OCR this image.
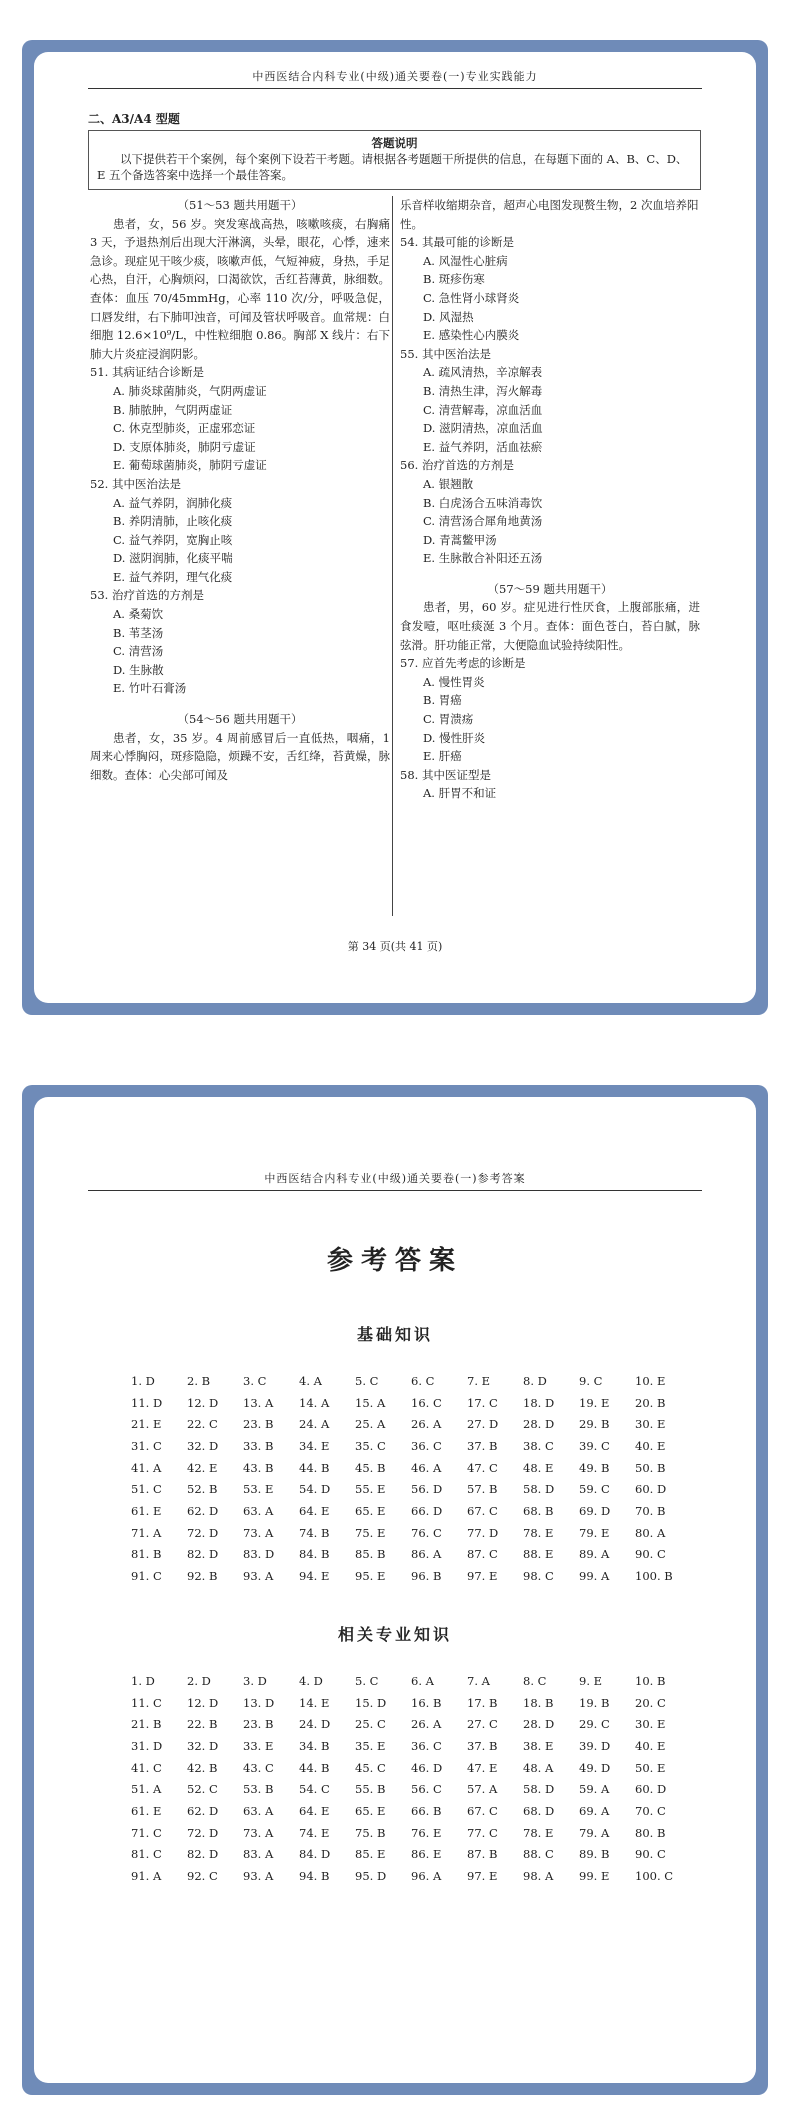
中西医结合内科专业(中级)通关要卷(一)专业实践能力
二、A3/A4 型题
答题说明
以下提供若干个案例，每个案例下设若干考题。请根据各考题题干所提供的信息，在每题下面的 A、B、C、D、E 五个备选答案中选择一个最佳答案。

（51～53 题共用题干）

患者，女，56 岁。突发寒战高热，咳嗽咳痰，右胸痛 3 天，予退热剂后出现大汗淋漓，头晕，眼花，心悸，速来急诊。现症见干咳少痰，咳嗽声低，气短神疲，身热，手足心热，自汗，心胸烦闷，口渴欲饮，舌红苔薄黄，脉细数。查体：血压 70/45mmHg，心率 110 次/分，呼吸急促，口唇发绀，右下肺叩浊音，可闻及管状呼吸音。血常规：白细胞 12.6×10⁹/L，中性粒细胞 0.86。胸部 X 线片：右下肺大片炎症浸润阴影。

51. 其病证结合诊断是

A. 肺炎球菌肺炎，气阴两虚证

B. 肺脓肿，气阴两虚证

C. 休克型肺炎，正虚邪恋证

D. 支原体肺炎，肺阴亏虚证

E. 葡萄球菌肺炎，肺阴亏虚证

52. 其中医治法是

A. 益气养阴，润肺化痰

B. 养阴清肺，止咳化痰

C. 益气养阴，宽胸止咳

D. 滋阴润肺，化痰平喘

E. 益气养阴，理气化痰

53. 治疗首选的方剂是

A. 桑菊饮

B. 苇茎汤

C. 清营汤

D. 生脉散

E. 竹叶石膏汤

（54～56 题共用题干）

患者，女，35 岁。4 周前感冒后一直低热，咽痛，1 周来心悸胸闷，斑疹隐隐，烦躁不安，舌红绛，苔黄燥，脉细数。查体：心尖部可闻及

乐音样收缩期杂音，超声心电图发现赘生物，2 次血培养阳性。

54. 其最可能的诊断是

A. 风湿性心脏病

B. 斑疹伤寒

C. 急性肾小球肾炎

D. 风湿热

E. 感染性心内膜炎

55. 其中医治法是

A. 疏风清热，辛凉解表

B. 清热生津，泻火解毒

C. 清营解毒，凉血活血

D. 滋阴清热，凉血活血

E. 益气养阴，活血祛瘀

56. 治疗首选的方剂是

A. 银翘散

B. 白虎汤合五味消毒饮

C. 清营汤合犀角地黄汤

D. 青蒿鳖甲汤

E. 生脉散合补阳还五汤

（57～59 题共用题干）

患者，男，60 岁。症见进行性厌食，上腹部胀痛，进食发噎，呕吐痰涎 3 个月。查体：面色苍白，苔白腻，脉弦滑。肝功能正常，大便隐血试验持续阳性。

57. 应首先考虑的诊断是

A. 慢性胃炎

B. 胃癌

C. 胃溃疡

D. 慢性肝炎

E. 肝癌

58. 其中医证型是

A. 肝胃不和证

第 34 页(共 41 页)
中西医结合内科专业(中级)通关要卷(一)参考答案
参考答案
基础知识
1. D	2. B	3. C	4. A	5. C	6. C	7. E	8. D	9. C	10. E
11. D	12. D	13. A	14. A	15. A	16. C	17. C	18. D	19. E	20. B
21. E	22. C	23. B	24. A	25. A	26. A	27. D	28. D	29. B	30. E
31. C	32. D	33. B	34. E	35. C	36. C	37. B	38. C	39. C	40. E
41. A	42. E	43. B	44. B	45. B	46. A	47. C	48. E	49. B	50. B
51. C	52. B	53. E	54. D	55. E	56. D	57. B	58. D	59. C	60. D
61. E	62. D	63. A	64. E	65. E	66. D	67. C	68. B	69. D	70. B
71. A	72. D	73. A	74. B	75. E	76. C	77. D	78. E	79. E	80. A
81. B	82. D	83. D	84. B	85. B	86. A	87. C	88. E	89. A	90. C
91. C	92. B	93. A	94. E	95. E	96. B	97. E	98. C	99. A	100. B
相关专业知识
1. D	2. D	3. D	4. D	5. C	6. A	7. A	8. C	9. E	10. B
11. C	12. D	13. D	14. E	15. D	16. B	17. B	18. B	19. B	20. C
21. B	22. B	23. B	24. D	25. C	26. A	27. C	28. D	29. C	30. E
31. D	32. D	33. E	34. B	35. E	36. C	37. B	38. E	39. D	40. E
41. C	42. B	43. C	44. B	45. C	46. D	47. E	48. A	49. D	50. E
51. A	52. C	53. B	54. C	55. B	56. C	57. A	58. D	59. A	60. D
61. E	62. D	63. A	64. E	65. E	66. B	67. C	68. D	69. A	70. C
71. C	72. D	73. A	74. E	75. B	76. E	77. C	78. E	79. A	80. B
81. C	82. D	83. A	84. D	85. E	86. E	87. B	88. C	89. B	90. C
91. A	92. C	93. A	94. B	95. D	96. A	97. E	98. A	99. E	100. C
